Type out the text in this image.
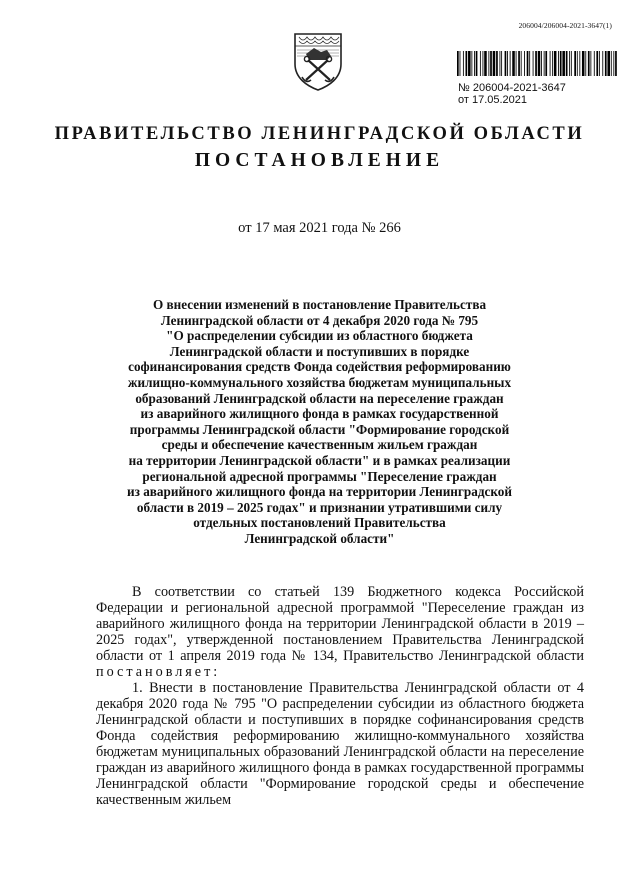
206004/206004-2021-3647(1)
№ 206004-2021-3647
от 17.05.2021
ПРАВИТЕЛЬСТВО ЛЕНИНГРАДСКОЙ ОБЛАСТИ
ПОСТАНОВЛЕНИЕ
от 17 мая 2021 года № 266
О внесении изменений в постановление Правительства
Ленинградской области от 4 декабря 2020 года № 795
"О распределении субсидии из областного бюджета
Ленинградской области и поступивших в порядке
софинансирования средств Фонда содействия реформированию
жилищно-коммунального хозяйства бюджетам муниципальных
образований Ленинградской области на переселение граждан
из аварийного жилищного фонда в рамках государственной
программы Ленинградской области "Формирование городской
среды и обеспечение качественным жильем граждан
на территории Ленинградской области" и в рамках реализации
региональной адресной программы "Переселение граждан
из аварийного жилищного фонда на территории Ленинградской
области в 2019 – 2025 годах" и признании утратившими силу
отдельных постановлений Правительства
Ленинградской области"

В соответствии со статьей 139 Бюджетного кодекса Российской Федерации и региональной адресной программой "Переселение граждан из аварийного жилищного фонда на территории Ленинградской области в 2019 – 2025 годах", утвержденной постановлением Правительства Ленинградской области от 1 апреля 2019 года № 134, Правительство Ленинградской области постановляет:

1. Внести в постановление Правительства Ленинградской области от 4 декабря 2020 года № 795 "О распределении субсидии из областного бюджета Ленинградской области и поступивших в порядке софинансирования средств Фонда содействия реформированию жилищно-коммунального хозяйства бюджетам муниципальных образований Ленинградской области на переселение граждан из аварийного жилищного фонда в рамках государственной программы Ленинградской области "Формирование городской среды и обеспечение качественным жильем
